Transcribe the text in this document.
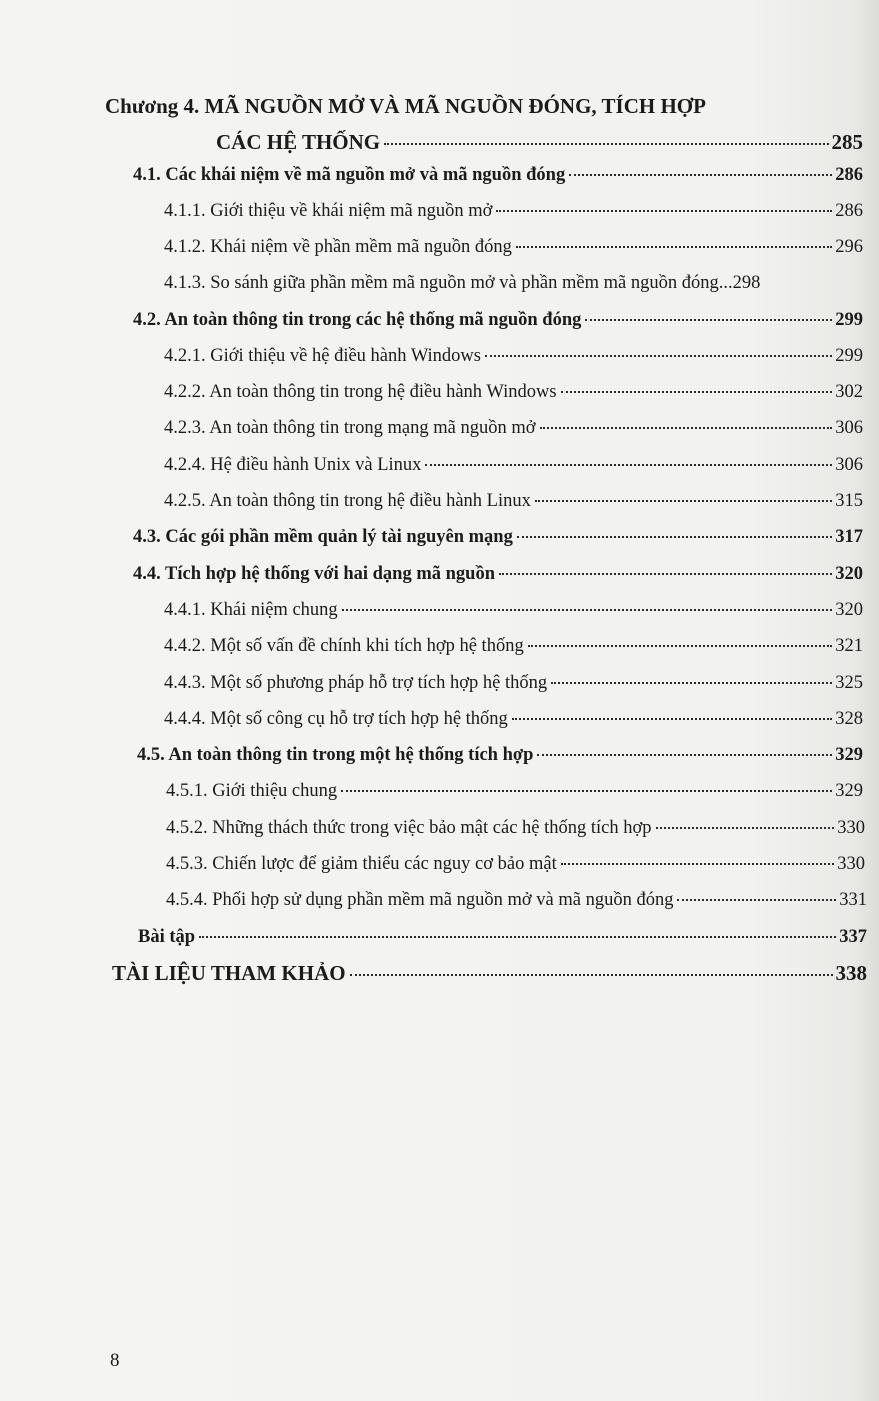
Chương 4. MÃ NGUỒN MỞ VÀ MÃ NGUỒN ĐÓNG, TÍCH HỢP
CÁC HỆ THỐNG	285
4.1. Các khái niệm về mã nguồn mở và mã nguồn đóng	286
4.1.1. Giới thiệu về khái niệm mã nguồn mở	286
4.1.2. Khái niệm về phần mềm mã nguồn đóng	296
4.1.3. So sánh giữa phần mềm mã nguồn mở và phần mềm mã nguồn đóng... 298
4.2. An toàn thông tin trong các hệ thống mã nguồn đóng	299
4.2.1. Giới thiệu về hệ điều hành Windows	299
4.2.2. An toàn thông tin trong hệ điều hành Windows	302
4.2.3. An toàn thông tin trong mạng mã nguồn mở	306
4.2.4. Hệ điều hành Unix và Linux	306
4.2.5. An toàn thông tin trong hệ điều hành Linux	315
4.3. Các gói phần mềm quản lý tài nguyên mạng	317
4.4. Tích hợp hệ thống với hai dạng mã nguồn	320
4.4.1. Khái niệm chung	320
4.4.2. Một số vấn đề chính khi tích hợp hệ thống	321
4.4.3. Một số phương pháp hỗ trợ tích hợp hệ thống	325
4.4.4. Một số công cụ hỗ trợ tích hợp hệ thống	328
4.5. An toàn thông tin trong một hệ thống tích hợp	329
4.5.1. Giới thiệu chung	329
4.5.2. Những thách thức trong việc bảo mật các hệ thống tích hợp	330
4.5.3. Chiến lược để giảm thiểu các nguy cơ bảo mật	330
4.5.4. Phối hợp sử dụng phần mềm mã nguồn mở và mã nguồn đóng	331
Bài tập	337
TÀI LIỆU THAM KHẢO	338
8
